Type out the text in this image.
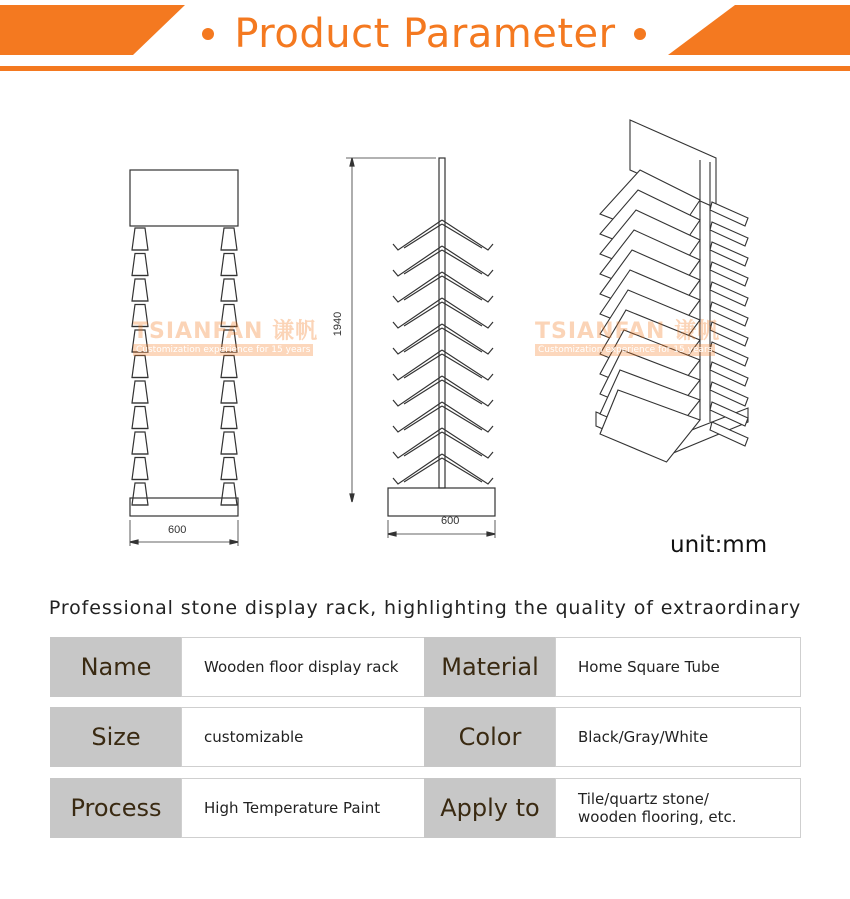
Product Parameter
TSIANFAN 谦帆
Customization experience for 15 years
TSIANFAN 谦帆
Customization experience for 15 years
600
1940
600
unit:mm
Professional stone display rack, highlighting the quality of extraordinary
Name	Wooden floor display rack	Material	Home Square Tube
Size	customizable	Color	Black/Gray/White
Process	High Temperature Paint	Apply to	Tile/quartz stone/
wooden flooring, etc.
